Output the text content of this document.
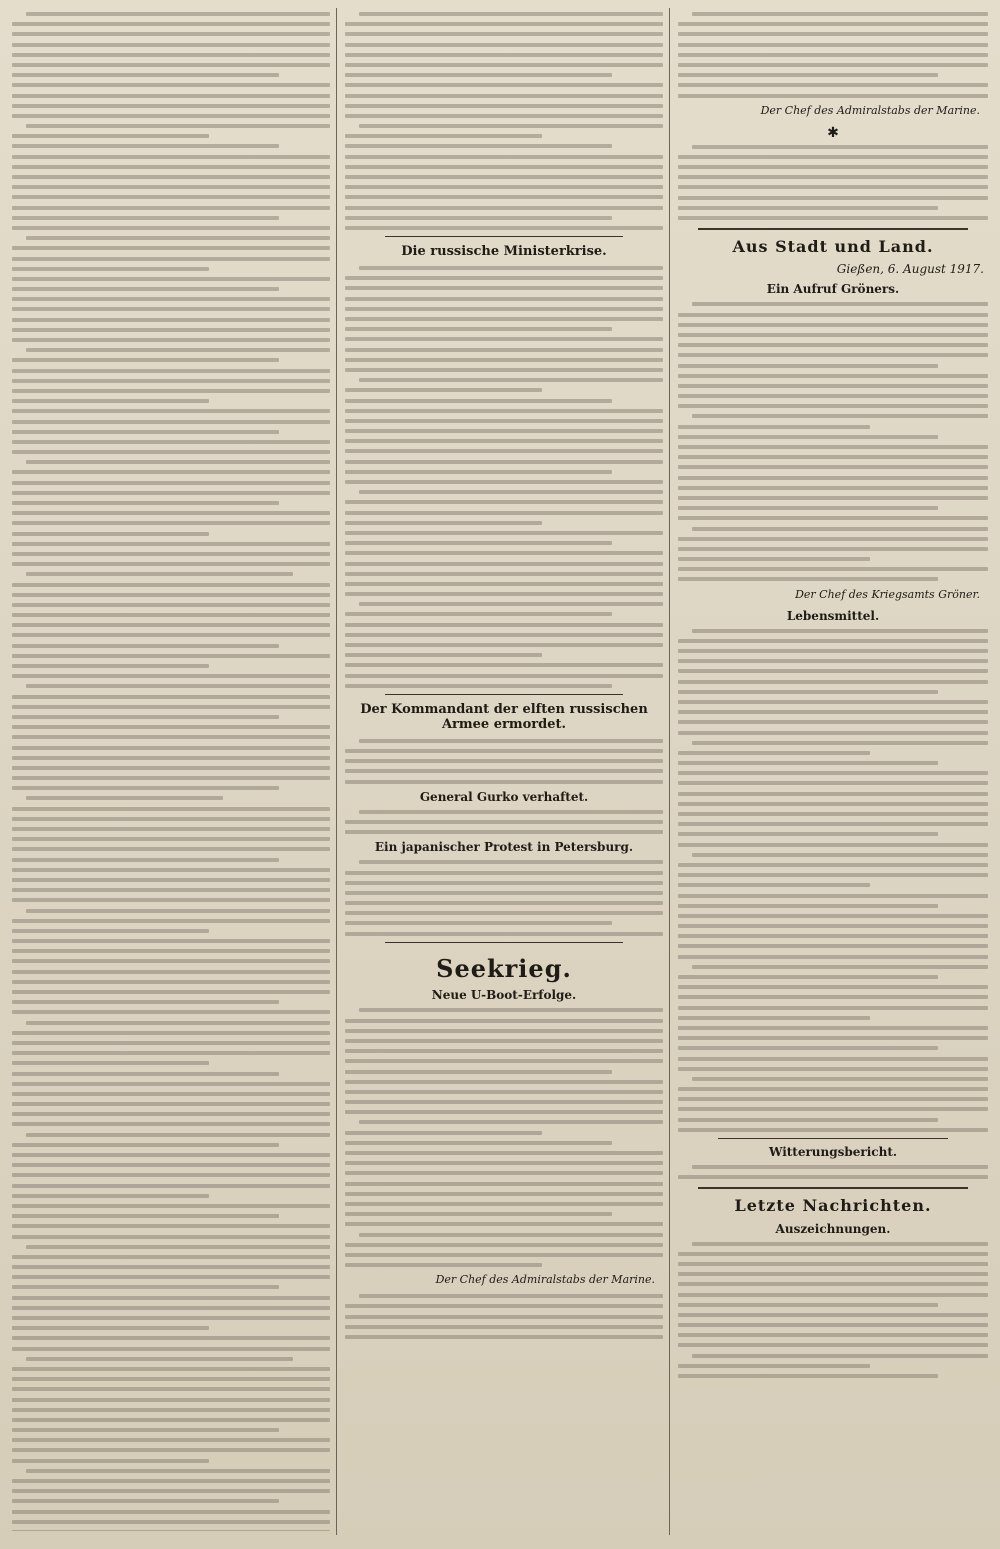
Die russische Ministerkrise.
Der Kommandant der elften russischen Armee ermordet.
General Gurko verhaftet.
Ein japanischer Protest in Petersburg.
Seekrieg.
Neue U-Boot-Erfolge.
Der Chef des Admiralstabs der Marine.
Der Chef des Admiralstabs der Marine.
✱
Aus Stadt und Land.
Gießen, 6. August 1917.
Ein Aufruf Gröners.
Der Chef des Kriegsamts Gröner.
Lebensmittel.
Witterungsbericht.
Letzte Nachrichten.
Auszeichnungen.
